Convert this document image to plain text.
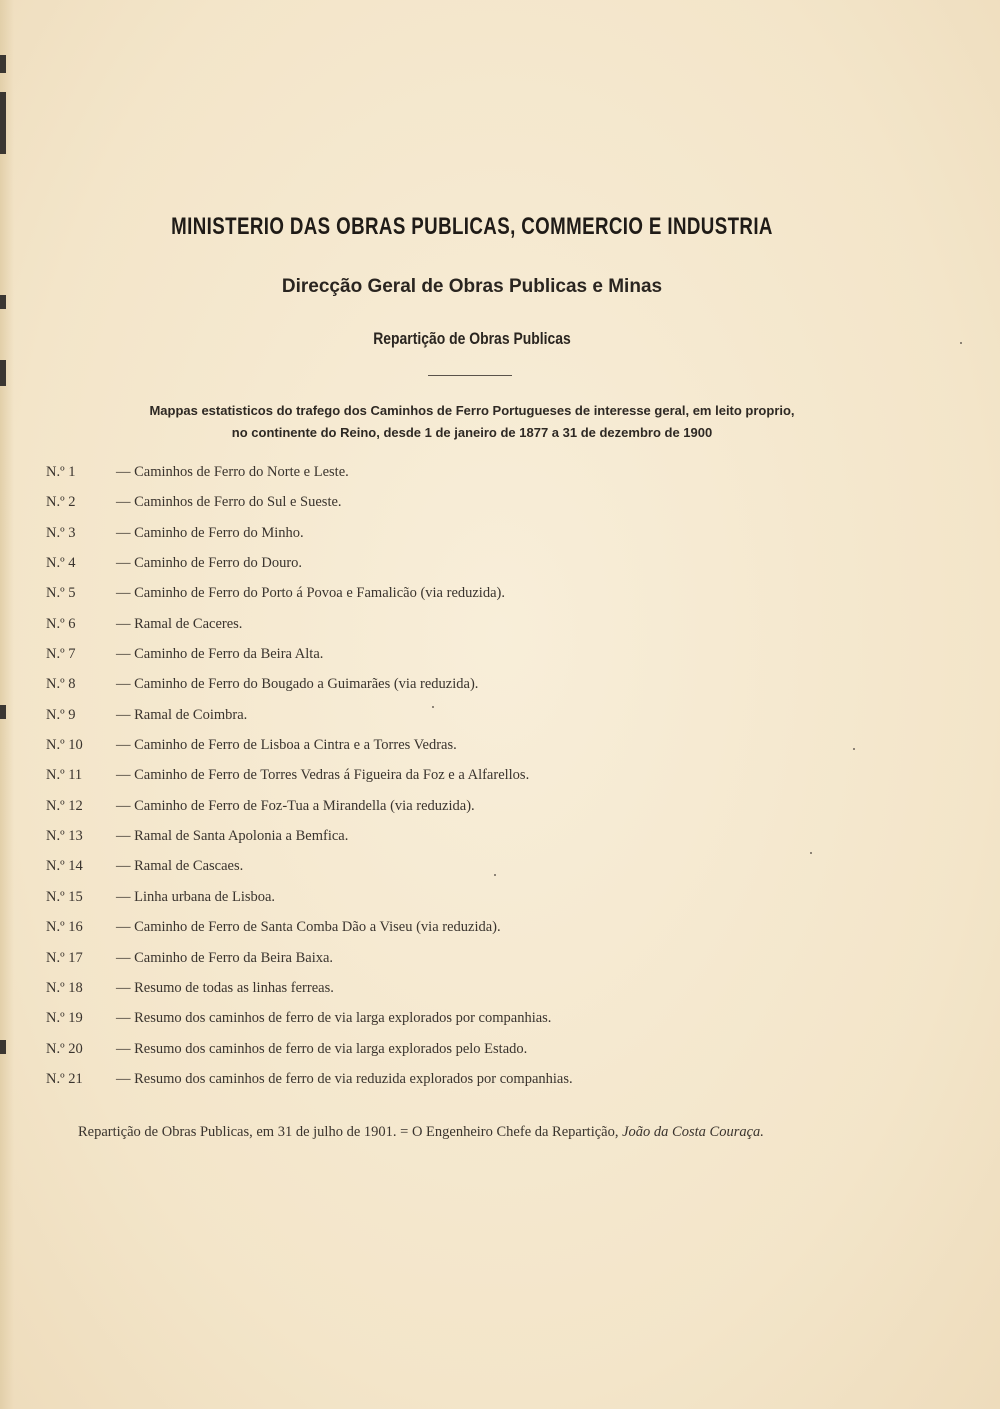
MINISTERIO DAS OBRAS PUBLICAS, COMMERCIO E INDUSTRIA
Direcção Geral de Obras Publicas e Minas
Repartição de Obras Publicas
Mappas estatisticos do trafego dos Caminhos de Ferro Portugueses de interesse geral, em leito proprio,
no continente do Reino, desde 1 de janeiro de 1877 a 31 de dezembro de 1900
N.º 1	— Caminhos de Ferro do Norte e Leste.
N.º 2	— Caminhos de Ferro do Sul e Sueste.
N.º 3	— Caminho de Ferro do Minho.
N.º 4	— Caminho de Ferro do Douro.
N.º 5	— Caminho de Ferro do Porto á Povoa e Famalicão (via reduzida).
N.º 6	— Ramal de Caceres.
N.º 7	— Caminho de Ferro da Beira Alta.
N.º 8	— Caminho de Ferro do Bougado a Guimarães (via reduzida).
N.º 9	— Ramal de Coimbra.
N.º 10 — Caminho de Ferro de Lisboa a Cintra e a Torres Vedras.
N.º 11 — Caminho de Ferro de Torres Vedras á Figueira da Foz e a Alfarellos.
N.º 12 — Caminho de Ferro de Foz-Tua a Mirandella (via reduzida).
N.º 13 — Ramal de Santa Apolonia a Bemfica.
N.º 14 — Ramal de Cascaes.
N.º 15 — Linha urbana de Lisboa.
N.º 16 — Caminho de Ferro de Santa Comba Dão a Viseu (via reduzida).
N.º 17 — Caminho de Ferro da Beira Baixa.
N.º 18 — Resumo de todas as linhas ferreas.
N.º 19 — Resumo dos caminhos de ferro de via larga explorados por companhias.
N.º 20 — Resumo dos caminhos de ferro de via larga explorados pelo Estado.
N.º 21 — Resumo dos caminhos de ferro de via reduzida explorados por companhias.
Repartição de Obras Publicas, em 31 de julho de 1901. = O Engenheiro Chefe da Repartição, João da Costa Couraça.
